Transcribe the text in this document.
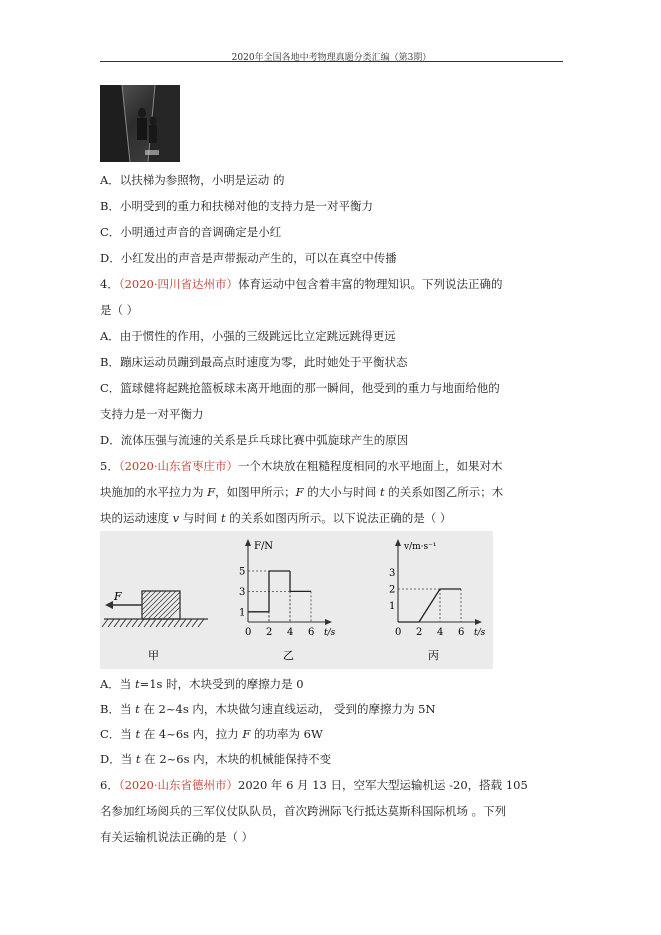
2020年全国各地中考物理真题分类汇编（第3期）
A．以扶梯为参照物，小明是运动 的
B．小明受到的重力和扶梯对他的支持力是一对平衡力
C．小明通过声音的音调确定是小红
D．小红发出的声音是声带振动产生的，可以在真空中传播
4．（2020·四川省达州市）体育运动中包含着丰富的物理知识。下列说法正确的
是（ ）
A．由于惯性的作用，小强的三级跳远比立定跳远跳得更远
B．蹦床运动员蹦到最高点时速度为零，此时她处于平衡状态
C．篮球健将起跳抢篮板球未离开地面的那一瞬间，他受到的重力与地面给他的
支持力是一对平衡力
D．流体压强与流速的关系是乒乓球比赛中弧旋球产生的原因
5．（2020·山东省枣庄市）一个木块放在粗糙程度相同的水平地面上，如果对木
块施加的水平拉力为 F，如图甲所示；F 的大小与时间 t 的关系如图乙所示；木
块的运动速度 v 与时间 t 的关系如图丙所示。以下说法正确的是（ ）
F
甲
0 2 4 6
5
3
1
F/N
t/s
乙
0 2 4 6
3
2
1
v/m·s⁻¹
t/s
丙
A．当 t=1s 时，木块受到的摩擦力是 0
B．当 t 在 2~4s 内，木块做匀速直线运动， 受到的摩擦力为 5N
C．当 t 在 4~6s 内，拉力 F 的功率为 6W
D．当 t 在 2~6s 内，木块的机械能保持不变
6．（2020·山东省德州市）2020 年 6 月 13 日，空军大型运输机运 -20，搭载 105
名参加红场阅兵的三军仪仗队队员，首次跨洲际飞行抵达莫斯科国际机场 。下列
有关运输机说法正确的是（ ）
